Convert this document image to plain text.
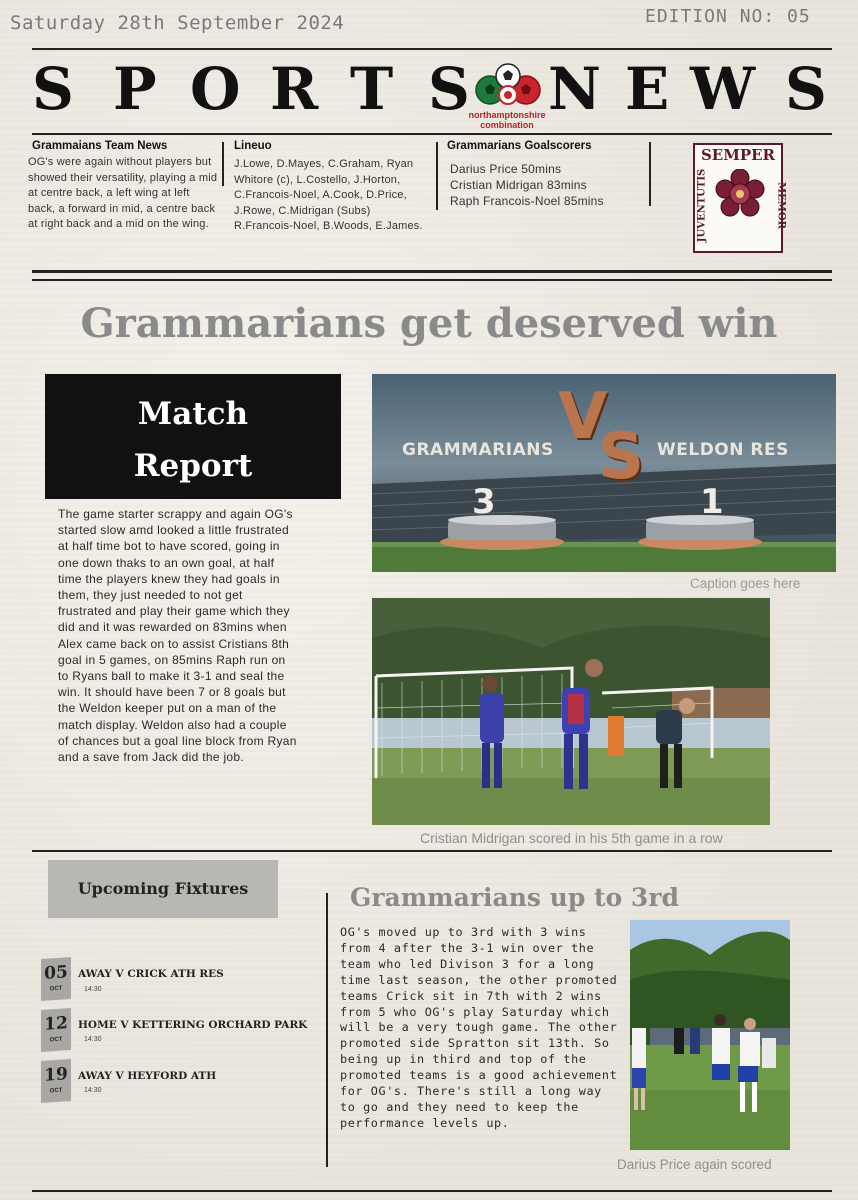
Saturday 28th September 2024	EDITION NO: 05
S P O R T S N E W S
northamptonshire combination
Grammaians Team News
OG's were again without players but showed their versatility, playing a mid at centre back, a left wing at left back, a forward in mid, a centre back at right back and a mid on the wing.
Lineuo
J.Lowe, D.Mayes, C.Graham, Ryan Whitore (c), L.Costello, J.Horton, C.Francois-Noel, A.Cook, D.Price, J.Rowe, C.Midrigan (Subs) R.Francois-Noel, B.Woods, E.James.
Grammarians Goalscorers
Darius Price 50mins
Cristian Midrigan 83mins
Raph Francois-Noel 85mins
SEMPER
JUVENTUTIS	MEMOR
Grammarians get deserved win
Match
Report
The game starter scrappy and again OG's started slow amd looked a little frustrated at half time bot to have scored, going in one down thaks to an own goal, at half time the players knew they had goals in them, they just needed to not get frustrated and play their game which they did and it was rewarded on 83mins when Alex came back on to assist Cristians 8th goal in 5 games, on 85mins Raph run on to Ryans ball to make it 3-1 and seal the win. It should have been 7 or 8 goals but the Weldon keeper put on a man of the match display. Weldon also had a couple of chances but a goal line block from Ryan and a save from Jack did the job.
GRAMMARIANS	WELDON RES
V
S
3	1
Caption goes here
Cristian Midrigan scored in his 5th game in a row
Upcoming Fixtures
05
OCT
AWAY V CRICK ATH RES
14:30
12
OCT
HOME V KETTERING ORCHARD PARK
14:30
19
OCT
AWAY V HEYFORD ATH
14:30
Grammarians up to 3rd
OG's moved up to 3rd with 3 wins from 4 after the 3-1 win over the team who led Divison 3 for a long time last season, the other promoted teams Crick sit in 7th with 2 wins from 5 who OG's play Saturday which will be a very tough game. The other promoted side Spratton sit 13th. So being up in third and top of the promoted teams is a good achievement for OG's. There's still a long way to go and they need to keep the performance levels up.
Darius Price again scored
